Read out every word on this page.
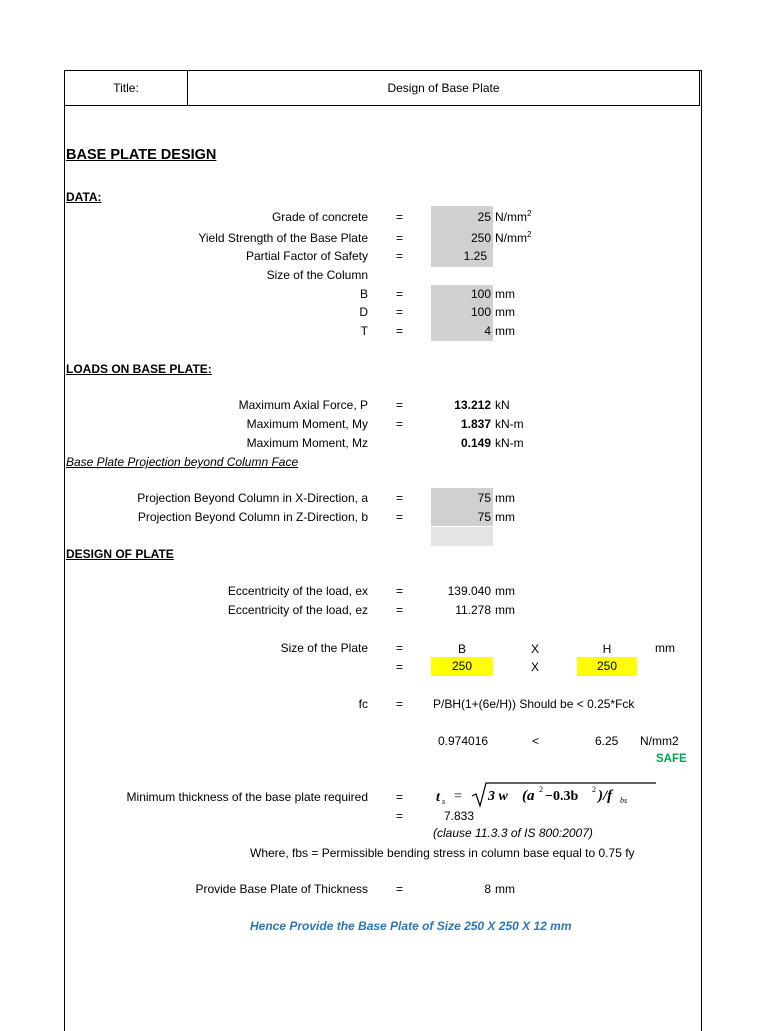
Title:	Design of Base Plate
BASE PLATE DESIGN
DATA:
Grade of concrete =	25 $N/mm^2$
Yield Strength of the Base Plate =	250 $N/mm^2$
Partial Factor of Safety =	1.25
Size of the Column
B =	100 mm
D =	100 mm
T =	4 mm
LOADS ON BASE PLATE:
Maximum Axial Force, P =	13.212 kN
Maximum Moment, My =	1.837 kN-m
Maximum Moment, Mz	0.149 kN-m
Base Plate Projection beyond Column Face
Projection Beyond Column in X-Direction, a =	75 mm
Projection Beyond Column in Z-Direction, b =	75 mm
DESIGN OF PLATE
Eccentricity of the load, ex =	139.040 mm
Eccentricity of the load, ez =	11.278 mm
Size of the Plate =	B	X	H	mm
=	250	X	250
fc = P/BH(1+(6e/H)) Should be < 0.25*Fck
0.974016	<	6.25 N/mm2
SAFE
Minimum thickness of the base plate required = t s = 3 w (a 2 −0.3b 2 )/f bs
=	7.833
(clause 11.3.3 of IS 800:2007)
Where, fbs = Permissible bending stress in column base equal to 0.75 fy
Provide Base Plate of Thickness =	8 mm
Hence Provide the Base Plate of Size 250 X 250 X 12 mm
